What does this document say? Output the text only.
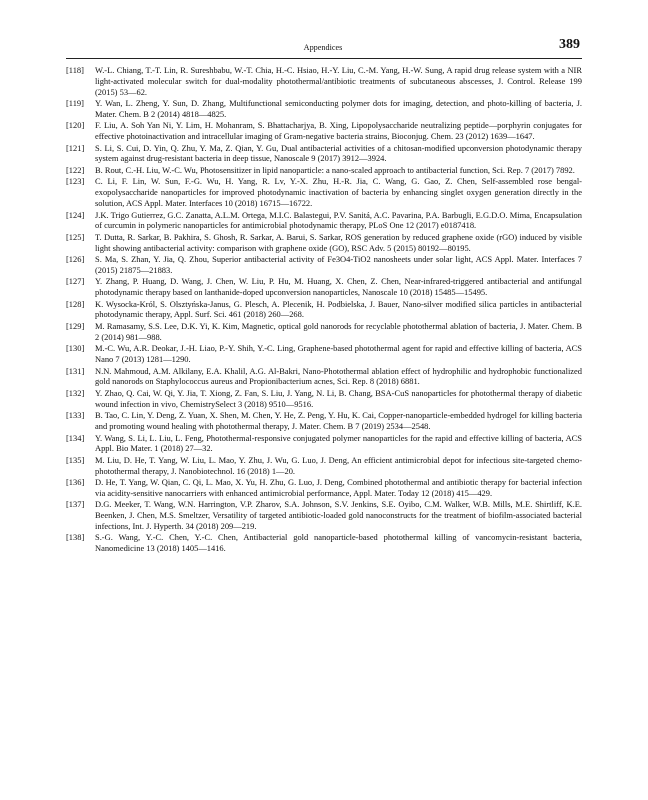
Appendices	389
[118] W.-L. Chiang, T.-T. Lin, R. Sureshbabu, W.-T. Chia, H.-C. Hsiao, H.-Y. Liu, C.-M. Yang, H.-W. Sung, A rapid drug release system with a NIR light-activated molecular switch for dual-modality photothermal/antibiotic treatments of subcutaneous abscesses, J. Control. Release 199 (2015) 53—62.
[119] Y. Wan, L. Zheng, Y. Sun, D. Zhang, Multifunctional semiconducting polymer dots for imaging, detection, and photo-killing of bacteria, J. Mater. Chem. B 2 (2014) 4818—4825.
[120] F. Liu, A. Soh Yan Ni, Y. Lim, H. Mohanram, S. Bhattacharjya, B. Xing, Lipopolysaccharide neutralizing peptide—porphyrin conjugates for effective photoinactivation and intracellular imaging of Gram-negative bacteria strains, Bioconjug. Chem. 23 (2012) 1639—1647.
[121] S. Li, S. Cui, D. Yin, Q. Zhu, Y. Ma, Z. Qian, Y. Gu, Dual antibacterial activities of a chitosan-modified upconversion photodynamic therapy system against drug-resistant bacteria in deep tissue, Nanoscale 9 (2017) 3912—3924.
[122] B. Rout, C.-H. Liu, W.-C. Wu, Photosensitizer in lipid nanoparticle: a nano-scaled approach to antibacterial function, Sci. Rep. 7 (2017) 7892.
[123] C. Li, F. Lin, W. Sun, F.-G. Wu, H. Yang, R. Lv, Y.-X. Zhu, H.-R. Jia, C. Wang, G. Gao, Z. Chen, Self-assembled rose bengal-exopolysaccharide nanoparticles for improved photodynamic inactivation of bacteria by enhancing singlet oxygen generation directly in the solution, ACS Appl. Mater. Interfaces 10 (2018) 16715—16722.
[124] J.K. Trigo Gutierrez, G.C. Zanatta, A.L.M. Ortega, M.I.C. Balastegui, P.V. Sanitá, A.C. Pavarina, P.A. Barbugli, E.G.D.O. Mima, Encapsulation of curcumin in polymeric nanoparticles for antimicrobial photodynamic therapy, PLoS One 12 (2017) e0187418.
[125] T. Dutta, R. Sarkar, B. Pakhira, S. Ghosh, R. Sarkar, A. Barui, S. Sarkar, ROS generation by reduced graphene oxide (rGO) induced by visible light showing antibacterial activity: comparison with graphene oxide (GO), RSC Adv. 5 (2015) 80192—80195.
[126] S. Ma, S. Zhan, Y. Jia, Q. Zhou, Superior antibacterial activity of Fe3O4-TiO2 nanosheets under solar light, ACS Appl. Mater. Interfaces 7 (2015) 21875—21883.
[127] Y. Zhang, P. Huang, D. Wang, J. Chen, W. Liu, P. Hu, M. Huang, X. Chen, Z. Chen, Near-infrared-triggered antibacterial and antifungal photodynamic therapy based on lanthanide-doped upconversion nanoparticles, Nanoscale 10 (2018) 15485—15495.
[128] K. Wysocka-Król, S. Olsztyńska-Janus, G. Plesch, A. Plecenik, H. Podbielska, J. Bauer, Nano-silver modified silica particles in antibacterial photodynamic therapy, Appl. Surf. Sci. 461 (2018) 260—268.
[129] M. Ramasamy, S.S. Lee, D.K. Yi, K. Kim, Magnetic, optical gold nanorods for recyclable photothermal ablation of bacteria, J. Mater. Chem. B 2 (2014) 981—988.
[130] M.-C. Wu, A.R. Deokar, J.-H. Liao, P.-Y. Shih, Y.-C. Ling, Graphene-based photothermal agent for rapid and effective killing of bacteria, ACS Nano 7 (2013) 1281—1290.
[131] N.N. Mahmoud, A.M. Alkilany, E.A. Khalil, A.G. Al-Bakri, Nano-Photothermal ablation effect of hydrophilic and hydrophobic functionalized gold nanorods on Staphylococcus aureus and Propionibacterium acnes, Sci. Rep. 8 (2018) 6881.
[132] Y. Zhao, Q. Cai, W. Qi, Y. Jia, T. Xiong, Z. Fan, S. Liu, J. Yang, N. Li, B. Chang, BSA-CuS nanoparticles for photothermal therapy of diabetic wound infection in vivo, ChemistrySelect 3 (2018) 9510—9516.
[133] B. Tao, C. Lin, Y. Deng, Z. Yuan, X. Shen, M. Chen, Y. He, Z. Peng, Y. Hu, K. Cai, Copper-nanoparticle-embedded hydrogel for killing bacteria and promoting wound healing with photothermal therapy, J. Mater. Chem. B 7 (2019) 2534—2548.
[134] Y. Wang, S. Li, L. Liu, L. Feng, Photothermal-responsive conjugated polymer nanoparticles for the rapid and effective killing of bacteria, ACS Appl. Bio Mater. 1 (2018) 27—32.
[135] M. Liu, D. He, T. Yang, W. Liu, L. Mao, Y. Zhu, J. Wu, G. Luo, J. Deng, An efficient antimicrobial depot for infectious site-targeted chemo-photothermal therapy, J. Nanobiotechnol. 16 (2018) 1—20.
[136] D. He, T. Yang, W. Qian, C. Qi, L. Mao, X. Yu, H. Zhu, G. Luo, J. Deng, Combined photothermal and antibiotic therapy for bacterial infection via acidity-sensitive nanocarriers with enhanced antimicrobial performance, Appl. Mater. Today 12 (2018) 415—429.
[137] D.G. Meeker, T. Wang, W.N. Harrington, V.P. Zharov, S.A. Johnson, S.V. Jenkins, S.E. Oyibo, C.M. Walker, W.B. Mills, M.E. Shirtliff, K.E. Beenken, J. Chen, M.S. Smeltzer, Versatility of targeted antibiotic-loaded gold nanoconstructs for the treatment of biofilm-associated bacterial infections, Int. J. Hyperth. 34 (2018) 209—219.
[138] S.-G. Wang, Y.-C. Chen, Y.-C. Chen, Antibacterial gold nanoparticle-based photothermal killing of vancomycin-resistant bacteria, Nanomedicine 13 (2018) 1405—1416.
